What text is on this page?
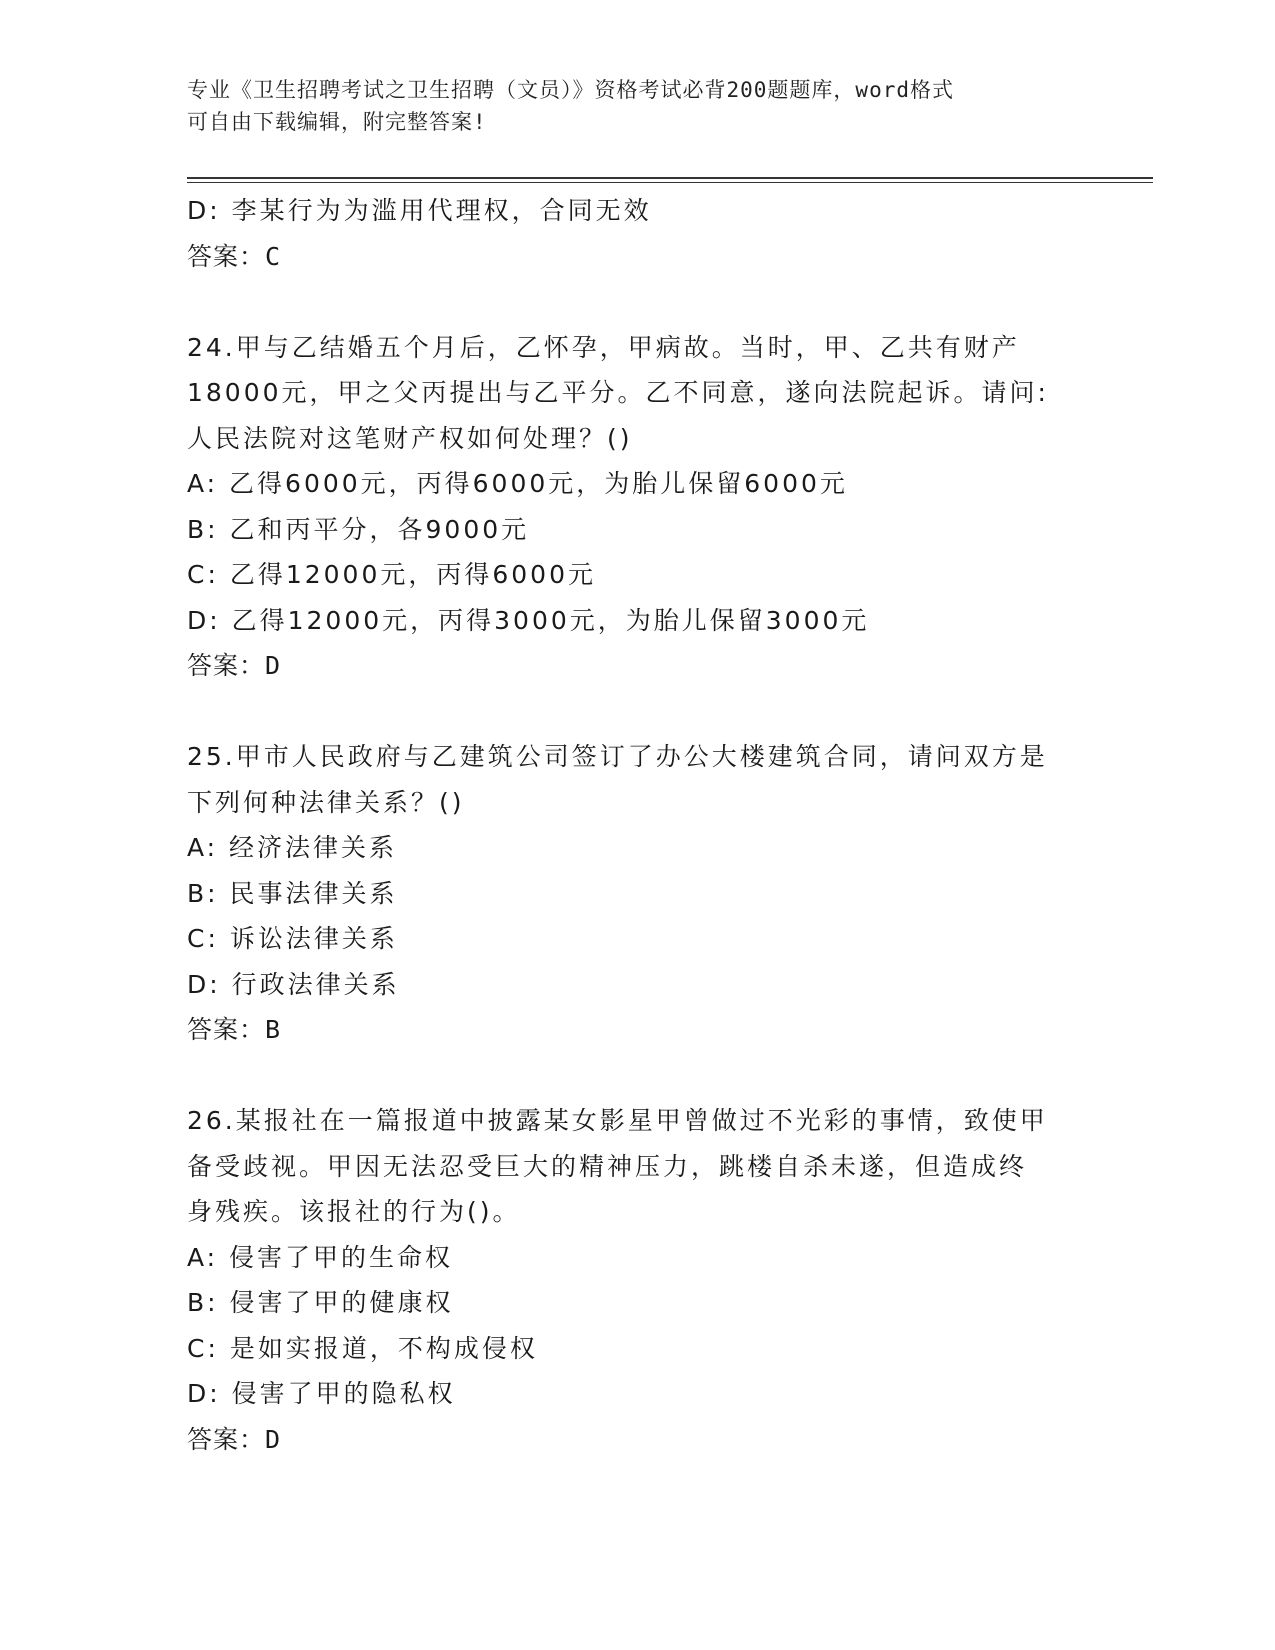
专业《卫生招聘考试之卫生招聘（文员）》资格考试必背200题题库，word格式
可自由下载编辑，附完整答案!
D: 李某行为为滥用代理权，合同无效
答案：C
24.甲与乙结婚五个月后，乙怀孕，甲病故。当时，甲、乙共有财产
18000元，甲之父丙提出与乙平分。乙不同意，遂向法院起诉。请问:
人民法院对这笔财产权如何处理？()
A: 乙得6000元，丙得6000元，为胎儿保留6000元
B: 乙和丙平分，各9000元
C: 乙得12000元，丙得6000元
D: 乙得12000元，丙得3000元，为胎儿保留3000元
答案：D
25.甲市人民政府与乙建筑公司签订了办公大楼建筑合同，请问双方是
下列何种法律关系？()
A: 经济法律关系
B: 民事法律关系
C: 诉讼法律关系
D: 行政法律关系
答案：B
26.某报社在一篇报道中披露某女影星甲曾做过不光彩的事情，致使甲
备受歧视。甲因无法忍受巨大的精神压力，跳楼自杀未遂，但造成终
身残疾。该报社的行为()。
A: 侵害了甲的生命权
B: 侵害了甲的健康权
C: 是如实报道，不构成侵权
D: 侵害了甲的隐私权
答案：D
